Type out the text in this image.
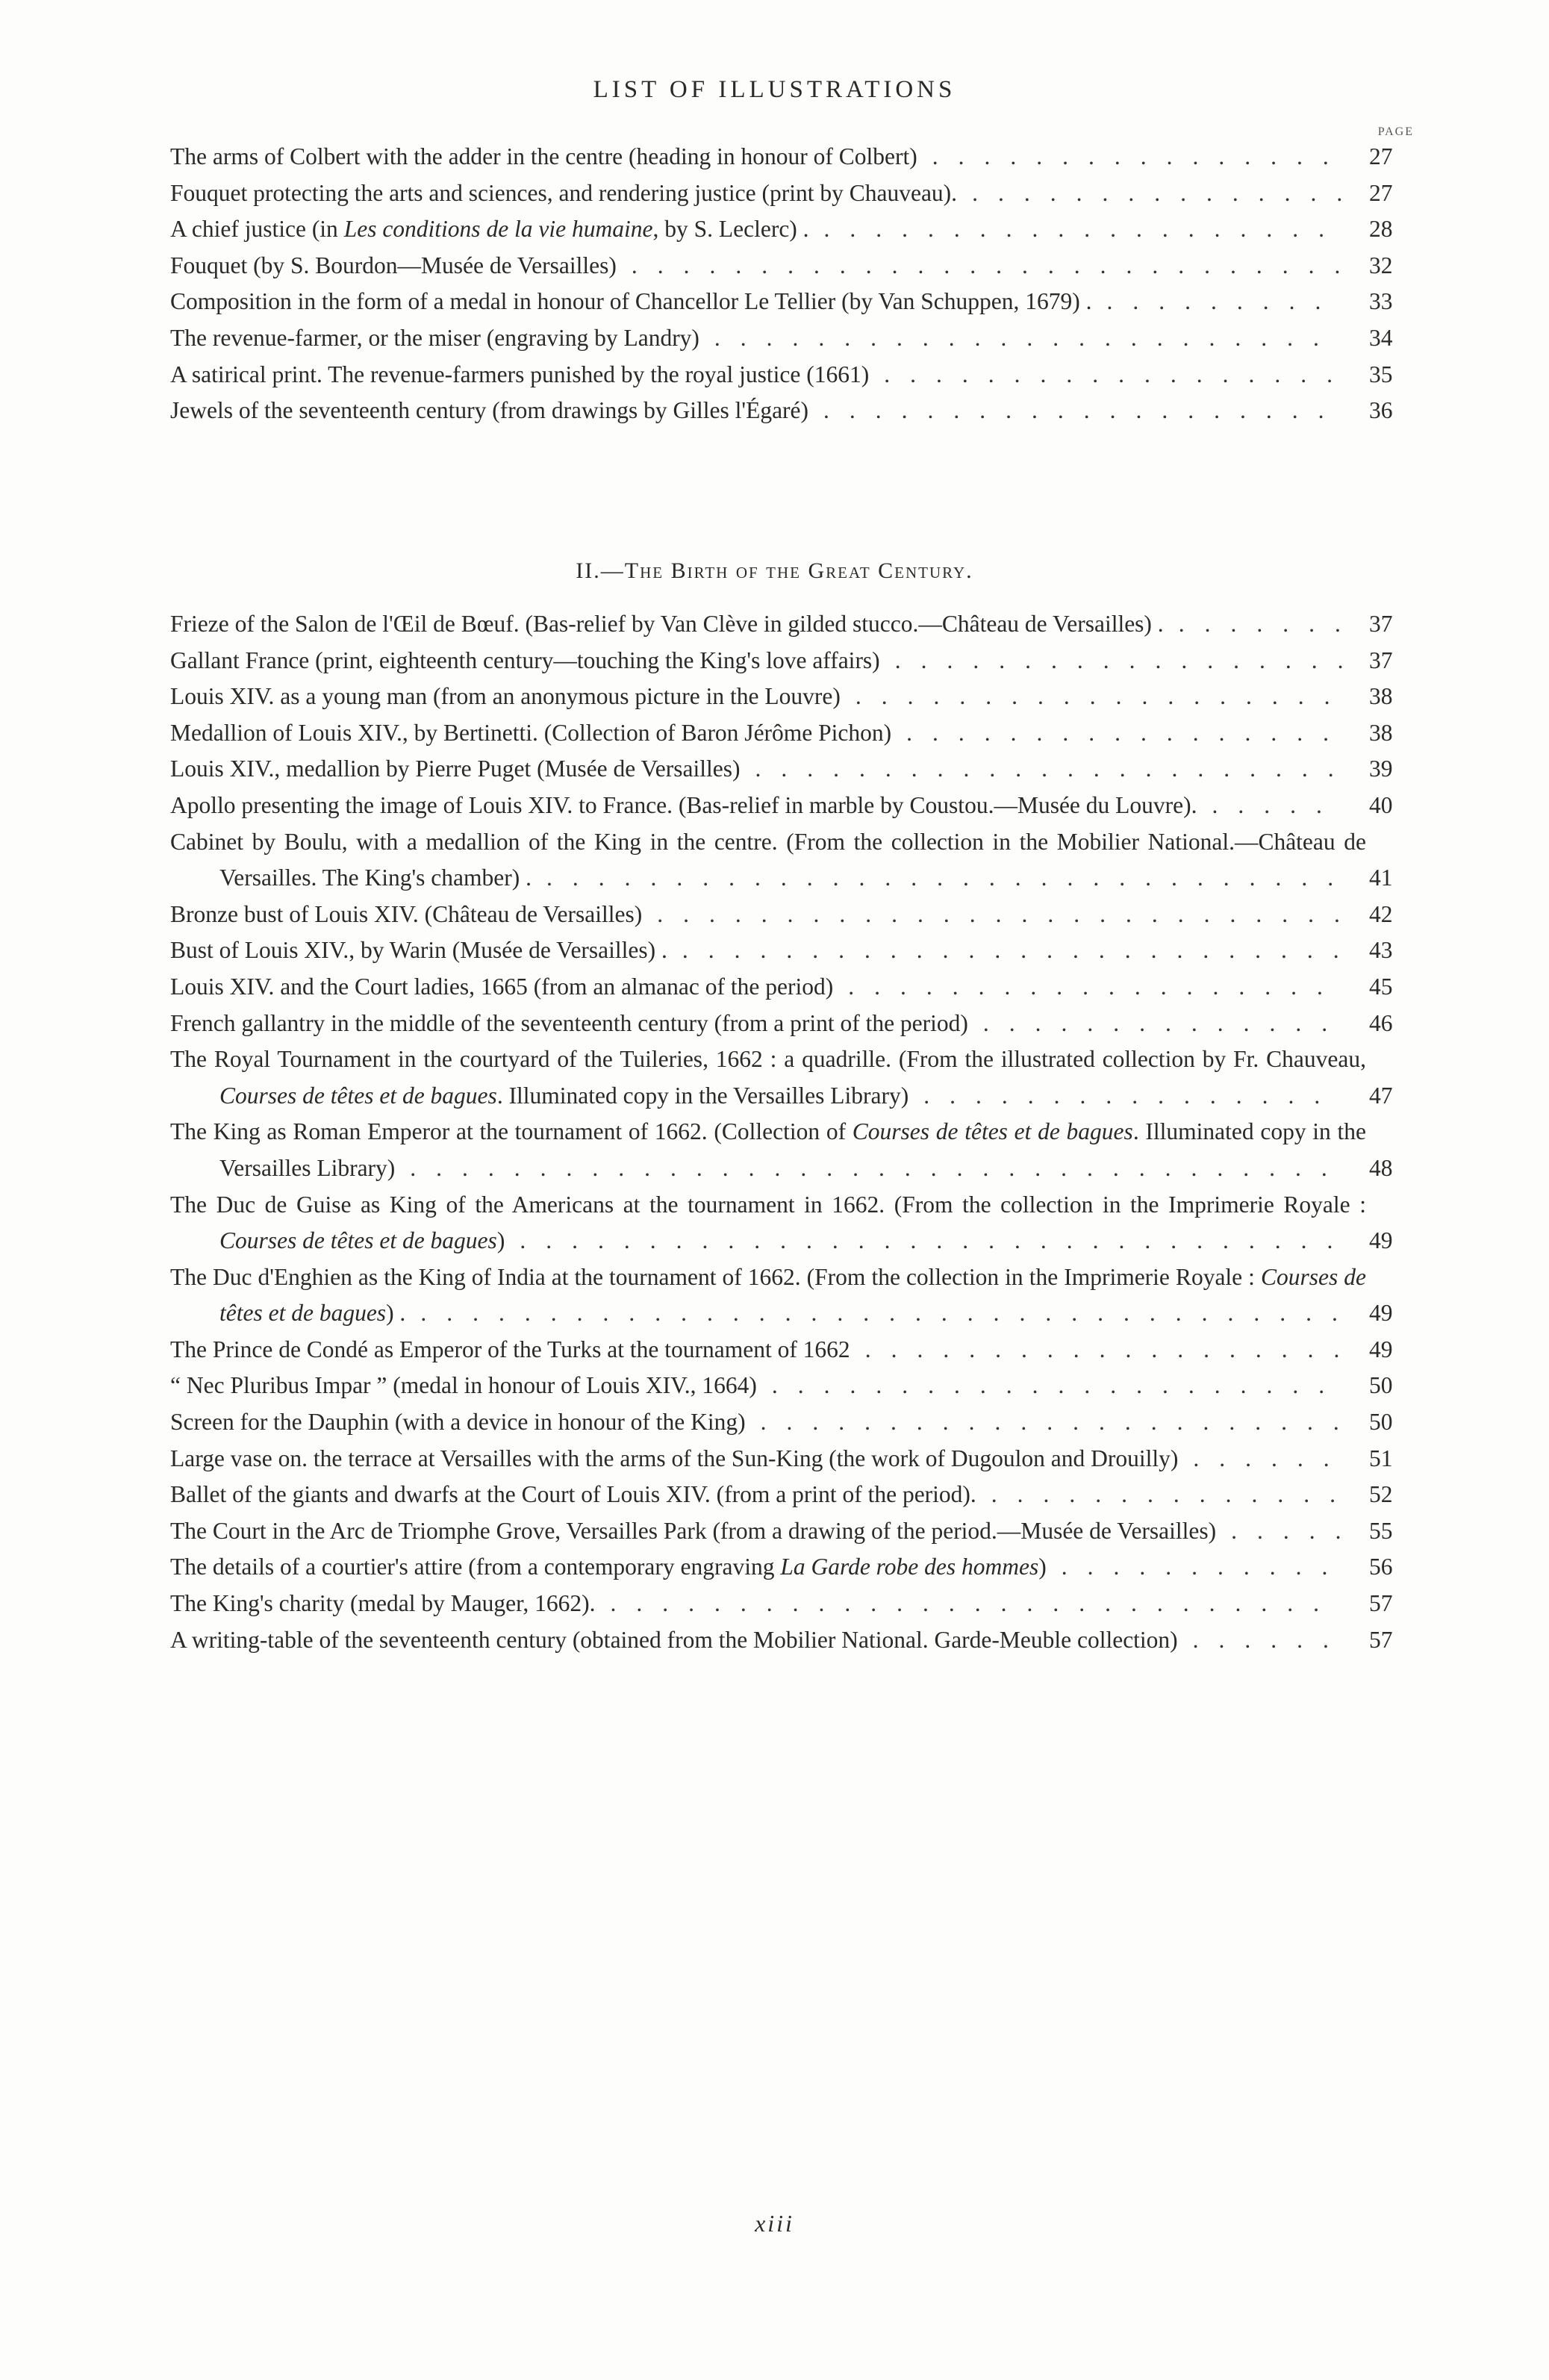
LIST OF ILLUSTRATIONS
PAGE
The arms of Colbert with the adder in the centre (heading in honour of Colbert) ................ 27
Fouquet protecting the arts and sciences, and rendering justice (print by Chauveau). ............... 27
A chief justice (in Les conditions de la vie humaine, by S. Leclerc) . ....................	28
Fouquet (by S. Bourdon—Musée de Versailles) ............................ 32
Composition in the form of a medal in honour of Chancellor Le Tellier (by Van Schuppen, 1679) . .........	33
The revenue-farmer, or the miser (engraving by Landry) ........................	34
A satirical print. The revenue-farmers punished by the royal justice (1661) .................. 35
Jewels of the seventeenth century (from drawings by Gilles l'Égaré) ....................	36
II.—The Birth of the Great Century.
Frieze of the Salon de l'Œil de Bœuf. (Bas-relief by Van Clève in gilded stucco.—Château de Versailles) . ....... 37
Gallant France (print, eighteenth century—touching the King's love affairs) .................. 37
Louis XIV. as a young man (from an anonymous picture in the Louvre) ................... 38
Medallion of Louis XIV., by Bertinetti. (Collection of Baron Jérôme Pichon) ................. 38
Louis XIV., medallion by Pierre Puget (Musée de Versailles) ....................... 39
Apollo presenting the image of Louis XIV. to France. (Bas-relief in marble by Coustou.—Musée du Louvre). .....	40
Cabinet by Boulu, with a medallion of the King in the centre. (From the collection in the Mobilier National.—Château de Versailles. The King's chamber) . ............................... 41
Bronze bust of Louis XIV. (Château de Versailles) ........................... 42
Bust of Louis XIV., by Warin (Musée de Versailles) . .......................... 43
Louis XIV. and the Court ladies, 1665 (from an almanac of the period) ...................	45
French gallantry in the middle of the seventeenth century (from a print of the period) .............. 46
The Royal Tournament in the courtyard of the Tuileries, 1662 : a quadrille. (From the illustrated collection by Fr. Chauveau, Courses de têtes et de bagues. Illuminated copy in the Versailles Library) ................	47
The King as Roman Emperor at the tournament of 1662. (Collection of Courses de têtes et de bagues. Illuminated copy in the Versailles Library) .................................... 48
The Duc de Guise as King of the Americans at the tournament in 1662. (From the collection in the Imprimerie Royale : Courses de têtes et de bagues) ................................ 49
The Duc d'Enghien as the King of India at the tournament of 1662. (From the collection in the Imprimerie Royale : Courses de têtes et de bagues) . .................................... 49
The Prince de Condé as Emperor of the Turks at the tournament of 1662 ................... 49
“ Nec Pluribus Impar ” (medal in honour of Louis XIV., 1664) ......................	50
Screen for the Dauphin (with a device in honour of the King) ....................... 50
Large vase on. the terrace at Versailles with the arms of the Sun-King (the work of Dugoulon and Drouilly) ...... 51
Ballet of the giants and dwarfs at the Court of Louis XIV. (from a print of the period). .............. 52
The Court in the Arc de Triomphe Grove, Versailles Park (from a drawing of the period.—Musée de Versailles) ..... 55
The details of a courtier's attire (from a contemporary engraving La Garde robe des hommes) ........... 56
The King's charity (medal by Mauger, 1662). ............................	57
A writing-table of the seventeenth century (obtained from the Mobilier National. Garde-Meuble collection) ...... 57
xiii
